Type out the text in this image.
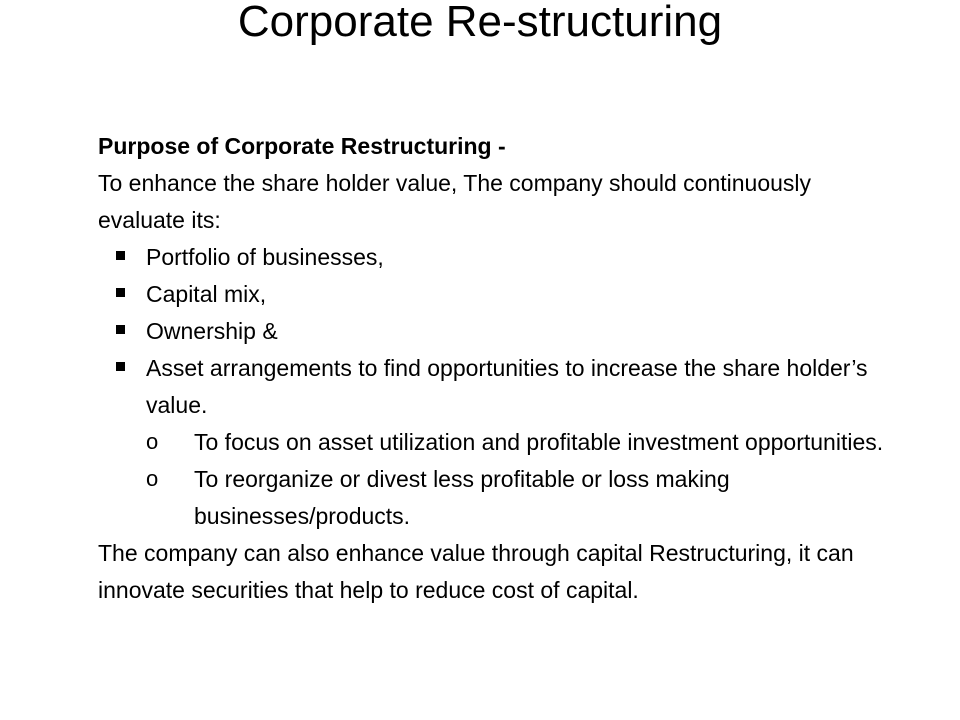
Corporate Re-structuring

Purpose of Corporate Restructuring -

To enhance the share holder value, The company should continuously evaluate its:

Portfolio of businesses,
Capital mix,
Ownership &
Asset arrangements to find opportunities to increase the share holder’s value.
o To focus on asset utilization and profitable investment opportunities.
o To reorganize or divest less profitable or loss making businesses/products.

The company can also enhance value through capital Restructuring, it can innovate securities that help to reduce cost of capital.
